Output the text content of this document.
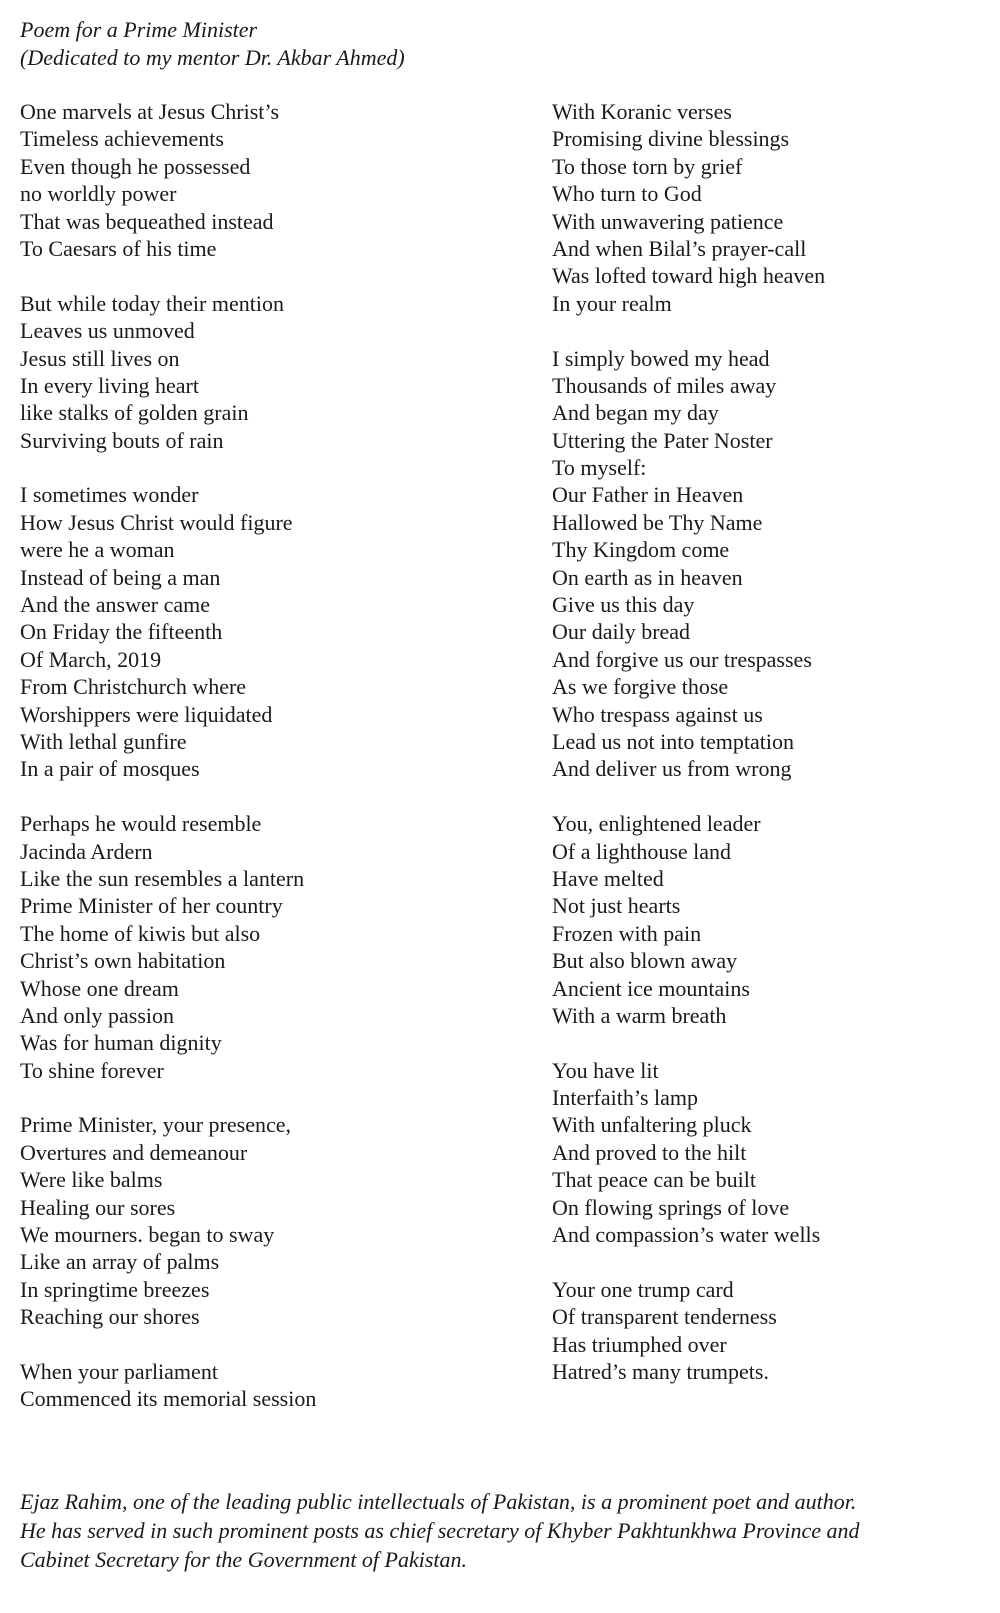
Poem for a Prime Minister
(Dedicated to my mentor Dr. Akbar Ahmed)
One marvels at Jesus Christ’s
Timeless achievements
Even though he possessed
no worldly power
That was bequeathed instead
To Caesars of his time
But while today their mention
Leaves us unmoved
Jesus still lives on
In every living heart
like stalks of golden grain
Surviving bouts of rain
I sometimes wonder
How Jesus Christ would figure
were he a woman
Instead of being a man
And the answer came
On Friday the fifteenth
Of March, 2019
From Christchurch where
Worshippers were liquidated
With lethal gunfire
In a pair of mosques
Perhaps he would resemble
Jacinda Ardern
Like the sun resembles a lantern
Prime Minister of her country
The home of kiwis but also
Christ’s own habitation
Whose one dream
And only passion
Was for human dignity
To shine forever
Prime Minister, your presence,
Overtures and demeanour
Were like balms
Healing our sores
We mourners. began to sway
Like an array of palms
In springtime breezes
Reaching our shores
When your parliament
Commenced its memorial session
With Koranic verses
Promising divine blessings
To those torn by grief
Who turn to God
With unwavering patience
And when Bilal’s prayer-call
Was lofted toward high heaven
In your realm
I simply bowed my head
Thousands of miles away
And began my day
Uttering the Pater Noster
To myself:
Our Father in Heaven
Hallowed be Thy Name
Thy Kingdom come
On earth as in heaven
Give us this day
Our daily bread
And forgive us our trespasses
As we forgive those
Who trespass against us
Lead us not into temptation
And deliver us from wrong
You, enlightened leader
Of a lighthouse land
Have melted
Not just hearts
Frozen with pain
But also blown away
Ancient ice mountains
With a warm breath
You have lit
Interfaith’s lamp
With unfaltering pluck
And proved to the hilt
That peace can be built
On flowing springs of love
And compassion’s water wells
Your one trump card
Of transparent tenderness
Has triumphed over
Hatred’s many trumpets.
Ejaz Rahim, one of the leading public intellectuals of Pakistan, is a prominent poet and author.
He has served in such prominent posts as chief secretary of Khyber Pakhtunkhwa Province and
Cabinet Secretary for the Government of Pakistan.
